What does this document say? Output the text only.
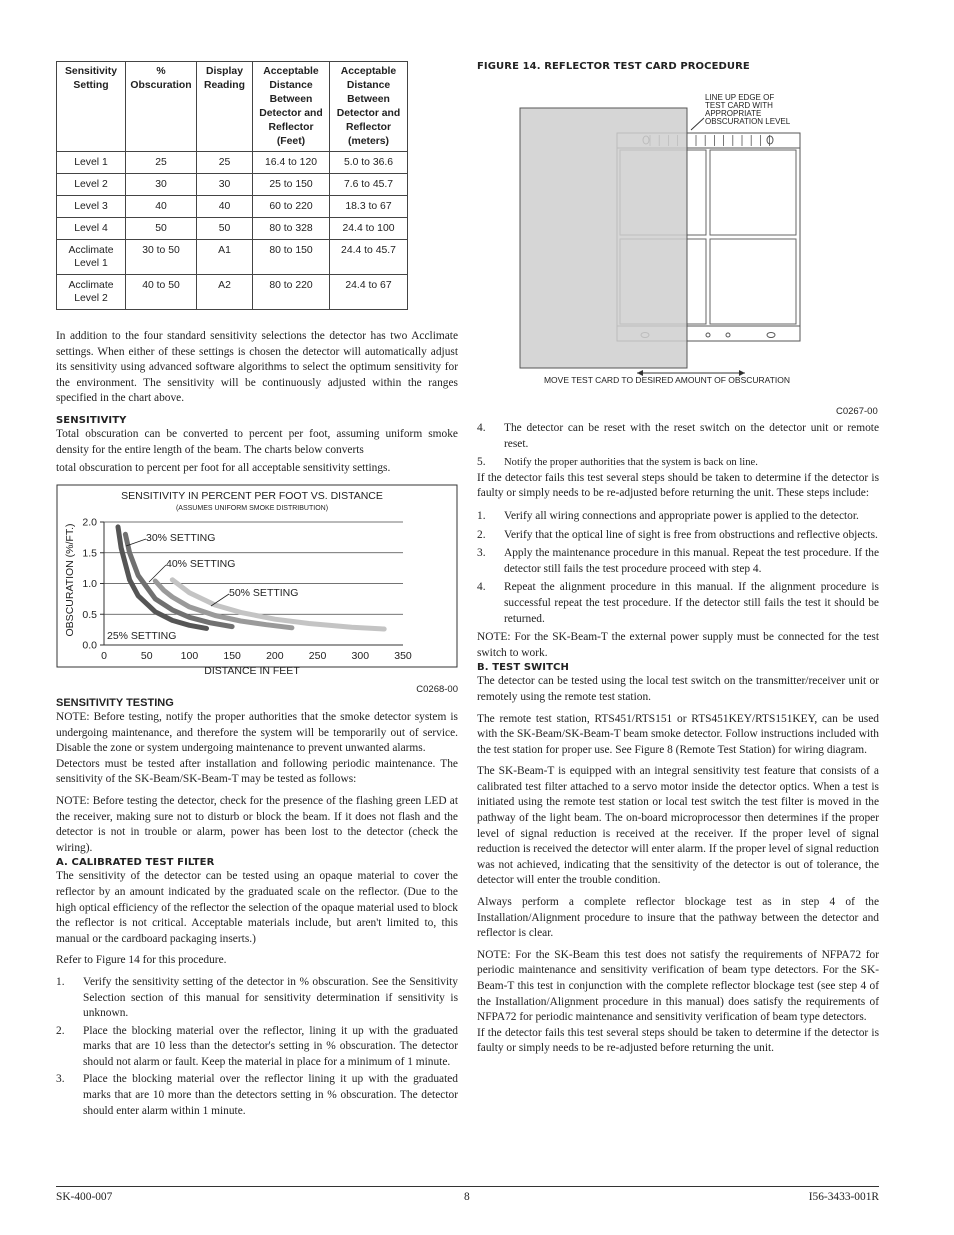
Sensitivity Setting	% Obscuration	Display Reading	Acceptable Distance Between Detector and Reflector (Feet)	Acceptable Distance Between Detector and Reflector (meters)
Level 1	25	25	16.4 to 120	5.0 to 36.6
Level 2	30	30	25 to 150	7.6 to 45.7
Level 3	40	40	60 to 220	18.3 to 67
Level 4	50	50	80 to 328	24.4 to 100
Acclimate Level 1	30 to 50	A1	80 to 150	24.4 to 45.7
Acclimate Level 2	40 to 50	A2	80 to 220	24.4 to 67

In addition to the four standard sensitivity selections the detector has two Acclimate settings. When either of these settings is chosen the detector will automatically adjust its sensitivity using advanced software algorithms to select the optimum sensitivity for the environment. The sensitivity will be continuously adjusted within the ranges specified in the chart above.

SENSITIVITY

Total obscuration can be converted to percent per foot, assuming uniform smoke density for the entire length of the beam. The charts below converts

total obscuration to percent per foot for all acceptable sensitivity settings.

SENSITIVITY IN PERCENT PER FOOT VS. DISTANCE
(ASSUMES UNIFORM SMOKE DISTRIBUTION)
OBSCURATION (%/FT.)
DISTANCE IN FEET
0.0
0.5
1.0
1.5
2.0
0	50	100 150 200 250 300 350
25% SETTING
30% SETTING
40% SETTING
50% SETTING
C0268-00
SENSITIVITY TESTING

NOTE: Before testing, notify the proper authorities that the smoke detector system is undergoing maintenance, and therefore the system will be temporarily out of service. Disable the zone or system undergoing maintenance to prevent unwanted alarms.

Detectors must be tested after installation and following periodic maintenance. The sensitivity of the SK-Beam/SK-Beam-T may be tested as follows:

NOTE: Before testing the detector, check for the presence of the flashing green LED at the receiver, making sure not to disturb or block the beam. If it does not flash and the detector is not in trouble or alarm, power has been lost to the detector (check the wiring).

A. CALIBRATED TEST FILTER

The sensitivity of the detector can be tested using an opaque material to cover the reflector by an amount indicated by the graduated scale on the reflector. (Due to the high optical efficiency of the reflector the selection of the opaque material used to block the reflector is not critical. Acceptable materials include, but aren't limited to, this manual or the cardboard packaging inserts.)

Refer to Figure 14 for this procedure.

1. Verify the sensitivity setting of the detector in % obscuration. See the Sensitivity Selection section of this manual for sensitivity determination if sensitivity is unknown.
2. Place the blocking material over the reflector, lining it up with the graduated marks that are 10 less than the detector's setting in % obscuration. The detector should not alarm or fault. Keep the material in place for a minimum of 1 minute.
3. Place the blocking material over the reflector lining it up with the graduated marks that are 10 more than the detectors setting in % obscuration. The detector should enter alarm within 1 minute.
FIGURE 14. REFLECTOR TEST CARD PROCEDURE
LINE UP EDGE OF
TEST CARD WITH
APPROPRIATE
OBSCURATION LEVEL
MOVE TEST CARD TO DESIRED AMOUNT OF OBSCURATION
C0267-00
4. The detector can be reset with the reset switch on the detector unit or remote reset.
5. Notify the proper authorities that the system is back on line.

If the detector fails this test several steps should be taken to determine if the detector is faulty or simply needs to be re-adjusted before returning the unit. These steps include:

1. Verify all wiring connections and appropriate power is applied to the detector.
2. Verify that the optical line of sight is free from obstructions and reflective objects.
3. Apply the maintenance procedure in this manual. Repeat the test procedure. If the detector still fails the test procedure proceed with step 4.
4. Repeat the alignment procedure in this manual. If the alignment procedure is successful repeat the test procedure. If the detector still fails the test it should be returned.

NOTE: For the SK-Beam-T the external power supply must be connected for the test switch to work.

B. TEST SWITCH

The detector can be tested using the local test switch on the transmitter/receiver unit or remotely using the remote test station.

The remote test station, RTS451/RTS151 or RTS451KEY/RTS151KEY, can be used with the SK-Beam/SK-Beam-T beam smoke detector. Follow instructions included with the test station for proper use. See Figure 8 (Remote Test Station) for wiring diagram.

The SK-Beam-T is equipped with an integral sensitivity test feature that consists of a calibrated test filter attached to a servo motor inside the detector optics. When a test is initiated using the remote test station or local test switch the test filter is moved in the pathway of the light beam. The on-board microprocessor then determines if the proper level of signal reduction is received at the receiver. If the proper level of signal reduction is received the detector will enter alarm. If the proper level of signal reduction was not achieved, indicating that the sensitivity of the detector is out of tolerance, the detector will enter the trouble condition.

Always perform a complete reflector blockage test as in step 4 of the Installation/Alignment procedure to insure that the pathway between the detector and reflector is clear.

NOTE: For the SK-Beam this test does not satisfy the requirements of NFPA72 for periodic maintenance and sensitivity verification of beam type detectors. For the SK-Beam-T this test in conjunction with the complete reflector blockage test (see step 4 of the Installation/Alignment procedure in this manual) does satisfy the requirements of NFPA72 for periodic maintenance and sensitivity verification of beam type detectors.

If the detector fails this test several steps should be taken to determine if the detector is faulty or simply needs to be re-adjusted before returning the unit.

SK-400-007	8	I56-3433-001R
